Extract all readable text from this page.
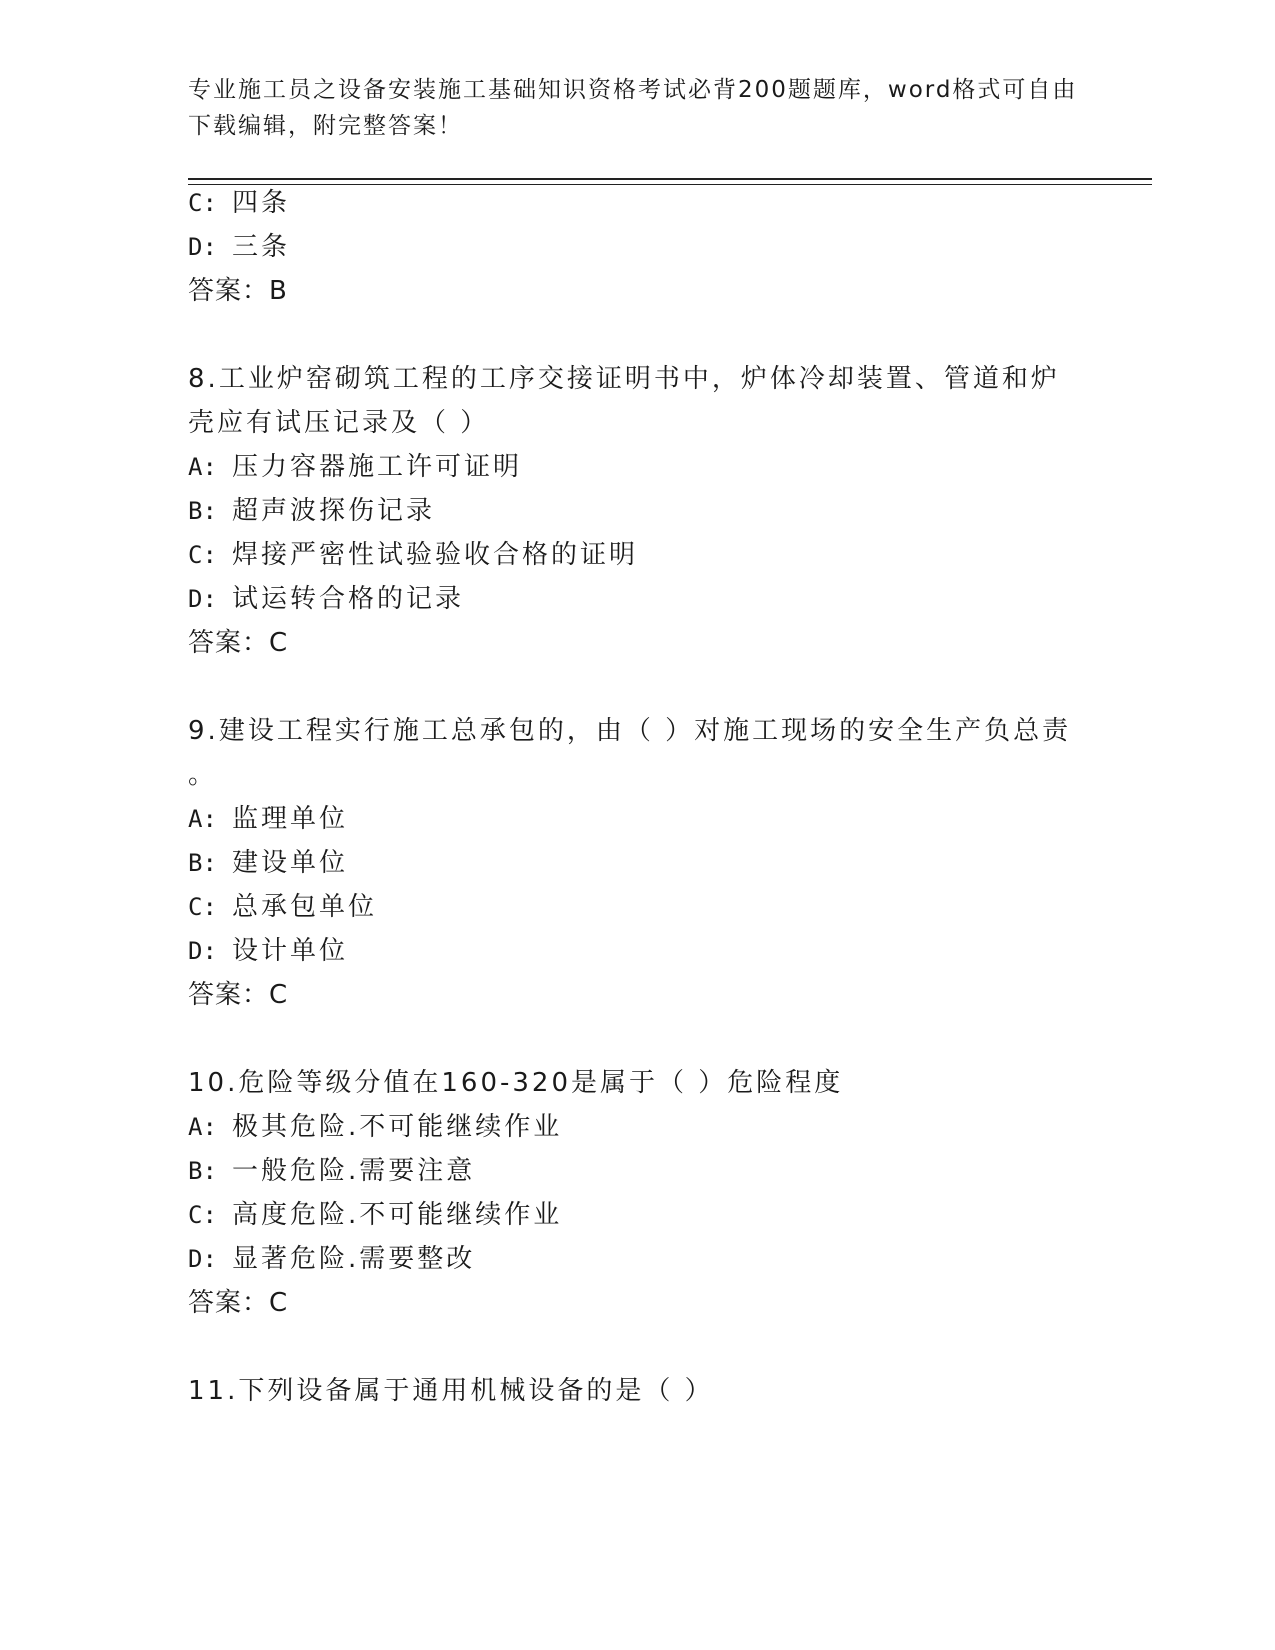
专业施工员之设备安装施工基础知识资格考试必背200题题库，word格式可自由
下载编辑，附完整答案！
C: 四条
D: 三条
答案：B
8.工业炉窑砌筑工程的工序交接证明书中，炉体冷却装置、管道和炉
壳应有试压记录及（ ）
A: 压力容器施工许可证明
B: 超声波探伤记录
C: 焊接严密性试验验收合格的证明
D: 试运转合格的记录
答案：C
9.建设工程实行施工总承包的，由（ ）对施工现场的安全生产负总责
。
A: 监理单位
B: 建设单位
C: 总承包单位
D: 设计单位
答案：C
10.危险等级分值在160-320是属于（ ）危险程度
A: 极其危险.不可能继续作业
B: 一般危险.需要注意
C: 高度危险.不可能继续作业
D: 显著危险.需要整改
答案：C
11.下列设备属于通用机械设备的是（ ）
